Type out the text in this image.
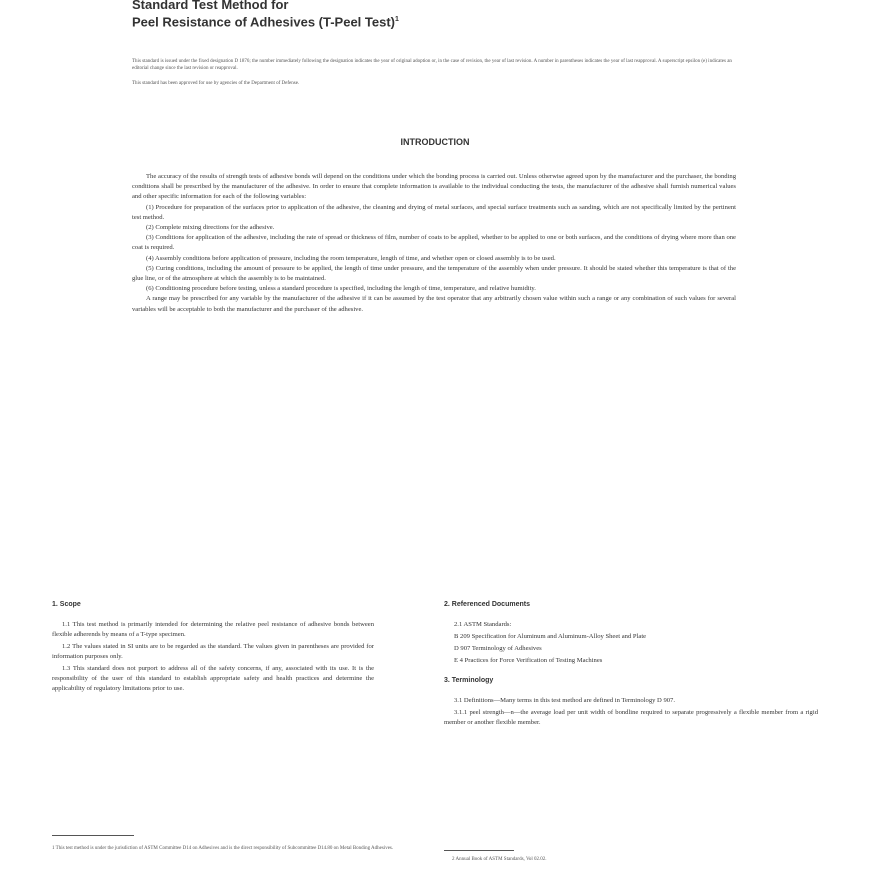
Standard Test Method for
Peel Resistance of Adhesives (T-Peel Test)$^1$

This standard is issued under the fixed designation D 1876; the number immediately following the designation indicates the year of original adoption or, in the case of revision, the year of last revision. A number in parentheses indicates the year of last reapproval. A superscript epsilon (e) indicates an editorial change since the last revision or reapproval.

This standard has been approved for use by agencies of the Department of Defense.

INTRODUCTION

The accuracy of the results of strength tests of adhesive bonds will depend on the conditions under which the bonding process is carried out. Unless otherwise agreed upon by the manufacturer and the purchaser, the bonding conditions shall be prescribed by the manufacturer of the adhesive. In order to ensure that complete information is available to the individual conducting the tests, the manufacturer of the adhesive shall furnish numerical values and other specific information for each of the following variables:

(1) Procedure for preparation of the surfaces prior to application of the adhesive, the cleaning and drying of metal surfaces, and special surface treatments such as sanding, which are not specifically limited by the pertinent test method.

(2) Complete mixing directions for the adhesive.

(3) Conditions for application of the adhesive, including the rate of spread or thickness of film, number of coats to be applied, whether to be applied to one or both surfaces, and the conditions of drying where more than one coat is required.

(4) Assembly conditions before application of pressure, including the room temperature, length of time, and whether open or closed assembly is to be used.

(5) Curing conditions, including the amount of pressure to be applied, the length of time under pressure, and the temperature of the assembly when under pressure. It should be stated whether this temperature is that of the glue line, or of the atmosphere at which the assembly is to be maintained.

(6) Conditioning procedure before testing, unless a standard procedure is specified, including the length of time, temperature, and relative humidity.

A range may be prescribed for any variable by the manufacturer of the adhesive if it can be assumed by the test operator that any arbitrarily chosen value within such a range or any combination of such values for several variables will be acceptable to both the manufacturer and the purchaser of the adhesive.

1. Scope

1.1 This test method is primarily intended for determining the relative peel resistance of adhesive bonds between flexible adherends by means of a T-type specimen.

1.2 The values stated in SI units are to be regarded as the standard. The values given in parentheses are provided for information purposes only.

1.3 This standard does not purport to address all of the safety concerns, if any, associated with its use. It is the responsibility of the user of this standard to establish appropriate safety and health practices and determine the applicability of regulatory limitations prior to use.

2. Referenced Documents
2.1 ASTM Standards:
B 209 Specification for Aluminum and Aluminum-Alloy Sheet and Plate
D 907 Terminology of Adhesives
E 4 Practices for Force Verification of Testing Machines
3. Terminology

3.1 Definitions—Many terms in this test method are defined in Terminology D 907.

3.1.1 peel strength—n—the average load per unit width of bondline required to separate progressively a flexible member from a rigid member or another flexible member.

1 This test method is under the jurisdiction of ASTM Committee D14 on Adhesives and is the direct responsibility of Subcommittee D14.80 on Metal Bonding Adhesives.
2 Annual Book of ASTM Standards, Vol 02.02.
